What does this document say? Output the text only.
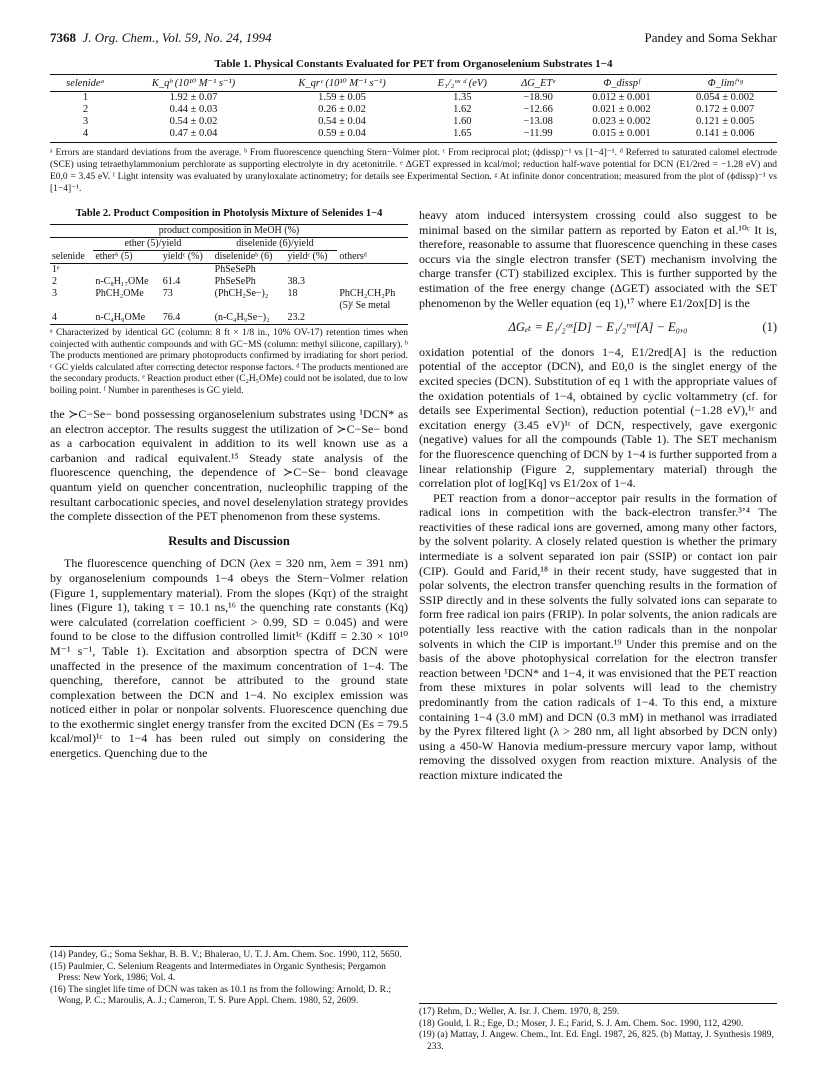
7368 J. Org. Chem., Vol. 59, No. 24, 1994	Pandey and Soma Sekhar
Table 1. Physical Constants Evaluated for PET from Organoselenium Substrates 1−4
selenideᵃ	K_qᵇ (10¹⁰ M⁻¹ s⁻¹)	K_qrᶜ (10¹⁰ M⁻¹ s⁻¹)	E₁/₂ᵒˣ ᵈ (eV)	ΔG_ETᵉ	Φ_disspᶠ	Φ_limᶠʻᵍ
1	1.92 ± 0.07	1.59 ± 0.05	1.35	−18.90	0.012 ± 0.001	0.054 ± 0.002
2	0.44 ± 0.03	0.26 ± 0.02	1.62	−12.66	0.021 ± 0.002	0.172 ± 0.007
3	0.54 ± 0.02	0.54 ± 0.04	1.60	−13.08	0.023 ± 0.002	0.121 ± 0.005
4	0.47 ± 0.04	0.59 ± 0.04	1.65	−11.99	0.015 ± 0.001	0.141 ± 0.006
ᵃ Errors are standard deviations from the average. ᵇ From fluorescence quenching Stern−Volmer plot. ᶜ From reciprocal plot; (ϕdissp)⁻¹ vs [1−4]⁻¹. ᵈ Referred to saturated calomel electrode (SCE) using tetraethylammonium perchlorate as supporting electrolyte in dry acetonitrile. ᵉ ΔGET expressed in kcal/mol; reduction half-wave potential for DCN (E1/2red = −1.28 eV) and E0,0 = 3.45 eV. ᶠ Light intensity was evaluated by uranyloxalate actinometry; for details see Experimental Section. ᵍ At infinite donor concentration; measured from the plot of (ϕdissp)⁻¹ vs [1−4]⁻¹.
Table 2. Product Composition in Photolysis Mixture of Selenides 1−4
product composition in MeOH (%)					
	ether (5)/yield		diselenide (6)/yield		
selenide	etherᵇ (5)	yieldᶜ (%)	diselenideᵇ (6)	yieldᶜ (%)	othersᵈ
1ᵉ			PhSeSePh		
2	n-C₈H₁₇OMe	61.4	PhSeSePh	38.3	
3	PhCH₂OMe	73	(PhCH₂Se−)₂	18	PhCH₂CH₂Ph
					(5)ᶠ Se metal
4	n-C₄H₉OMe	76.4	(n-C₄H₉Se−)₂	23.2	
ᵃ Characterized by identical GC (column: 8 ft × 1/8 in., 10% OV-17) retention times when coinjected with authentic compounds and with GC−MS (column: methyl silicone, capillary). ᵇ The products mentioned are primary photoproducts confirmed by irradiating for short period. ᶜ GC yields calculated after correcting detector response factors. ᵈ The products mentioned are the secondary products. ᵉ Reaction product ether (C₂H₅OMe) could not be isolated, due to low boiling point. ᶠ Number in parentheses is GC yield.

the ≻C−Se− bond possessing organoselenium substrates using ¹DCN* as an electron acceptor. The results suggest the utilization of ≻C−Se− bond as a carbocation equivalent in addition to its well known use as a carbanion and radical equivalent.¹⁵ Steady state analysis of the fluorescence quenching, the dependence of ≻C−Se− bond cleavage quantum yield on quencher concentration, nucleophilic trapping of the resultant carbocationic species, and novel deselenylation strategy provides the complete dissection of the PET phenomenon from these systems.

Results and Discussion

The fluorescence quenching of DCN (λex = 320 nm, λem = 391 nm) by organoselenium compounds 1−4 obeys the Stern−Volmer relation (Figure 1, supplementary material). From the slopes (Kqτ) of the straight lines (Figure 1), taking τ = 10.1 ns,¹⁶ the quenching rate constants (Kq) were calculated (correlation coefficient > 0.99, SD = 0.045) and were found to be close to the diffusion controlled limit¹ᶜ (Kdiff = 2.30 × 10¹⁰ M⁻¹ s⁻¹, Table 1). Excitation and absorption spectra of DCN were unaffected in the presence of the maximum concentration of 1−4. The quenching, therefore, cannot be attributed to the ground state complexation between the DCN and 1−4. No exciplex emission was noticed either in polar or nonpolar solvents. Fluorescence quenching due to the exothermic singlet energy transfer from the excited DCN (Es = 79.5 kcal/mol)¹ᶜ to 1−4 has been ruled out simply on considering the energetics. Quenching due to the

(14) Pandey, G.; Soma Sekhar, B. B. V.; Bhalerao, U. T. J. Am. Chem. Soc. 1990, 112, 5650.
(15) Paulmier, C. Selenium Reagents and Intermediates in Organic Synthesis; Pergamon Press: New York, 1986; Vol. 4.
(16) The singlet life time of DCN was taken as 10.1 ns from the following: Arnold, D. R.; Wong, P. C.; Maroulis, A. J.; Cameron, T. S. Pure Appl. Chem. 1980, 52, 2609.

heavy atom induced intersystem crossing could also suggest to be minimal based on the similar pattern as reported by Eaton et al.¹⁰ᶜ It is, therefore, reasonable to assume that fluorescence quenching in these cases occurs via the single electron transfer (SET) mechanism involving the charge transfer (CT) stabilized exciplex. This is further supported by the estimation of the free energy change (ΔGET) associated with the SET phenomenon by the Weller equation (eq 1),¹⁷ where E1/2ox[D] is the

ΔGₑₜ = E₁/₂ᵒˣ[D] − E₁/₂ʳᵉᵈ[A] − E₀,₀	(1)

oxidation potential of the donors 1−4, E1/2red[A] is the reduction potential of the acceptor (DCN), and E0,0 is the singlet energy of the excited species (DCN). Substitution of eq 1 with the appropriate values of the oxidation potentials of 1−4, obtained by cyclic voltammetry (cf. for details see Experimental Section), reduction potential (−1.28 eV),¹ᶜ and excitation energy (3.45 eV)¹ᶜ of DCN, respectively, gave exergonic (negative) values for all the compounds (Table 1). The SET mechanism for the fluorescence quenching of DCN by 1−4 is further supported from a linear relationship (Figure 2, supplementary material) through the correlation plot of log[Kq] vs E1/2ox of 1−4.

PET reaction from a donor−acceptor pair results in the formation of radical ions in competition with the back-electron transfer.³ʼ⁴ The reactivities of these radical ions are governed, among many other factors, by the solvent polarity. A closely related question is whether the primary intermediate is a solvent separated ion pair (SSIP) or contact ion pair (CIP). Gould and Farid,¹⁸ in their recent study, have suggested that in polar solvents, the electron transfer quenching results in the formation of SSIP directly and in these solvents the fully solvated ions can separate to form free radical ion pairs (FRIP). In polar solvents, the anion radicals are potentially less reactive with the cation radicals than in the nonpolar solvents in which the CIP is important.¹⁹ Under this premise and on the basis of the above photophysical correlation for the electron transfer reaction between ¹DCN* and 1−4, it was envisioned that the PET reaction from these mixtures in polar solvents will lead to the chemistry predominantly from the cation radicals of 1−4. To this end, a mixture containing 1−4 (3.0 mM) and DCN (0.3 mM) in methanol was irradiated by the Pyrex filtered light (λ > 280 nm, all light absorbed by DCN only) using a 450-W Hanovia medium-pressure mercury vapor lamp, without removing the dissolved oxygen from reaction mixture. Analysis of the reaction mixture indicated the

(17) Rehm, D.; Weller, A. Isr. J. Chem. 1970, 8, 259.
(18) Gould, I. R.; Ege, D.; Moser, J. E.; Farid, S. J. Am. Chem. Soc. 1990, 112, 4290.
(19) (a) Mattay, J. Angew. Chem., Int. Ed. Engl. 1987, 26, 825. (b) Mattay, J. Synthesis 1989, 233.
